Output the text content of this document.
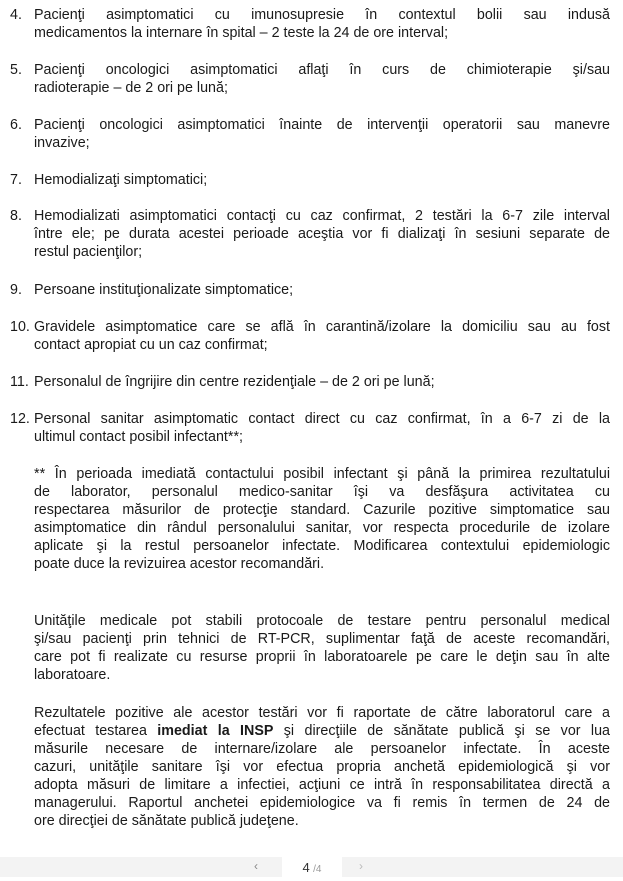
4. Pacienţi asimptomatici cu imunosupresie în contextul bolii sau indusă
medicamentos la internare în spital – 2 teste la 24 de ore interval;
5. Pacienţi oncologici asimptomatici aflaţi în curs de chimioterapie şi/sau
radioterapie – de 2 ori pe lună;
6. Pacienţi oncologici asimptomatici înainte de intervenţii operatorii sau manevre
invazive;
7. Hemodializaţi simptomatici;
8. Hemodializati asimptomatici contacţi cu caz confirmat, 2 testări la 6-7 zile interval
între ele; pe durata acestei perioade aceştia vor fi dializaţi în sesiuni separate de
restul pacienţilor;
9. Persoane instituţionalizate simptomatice;
10. Gravidele asimptomatice care se află în carantină/izolare la domiciliu sau au fost
contact apropiat cu un caz confirmat;
11. Personalul de îngrijire din centre rezidenţiale – de 2 ori pe lună;
12. Personal sanitar asimptomatic contact direct cu caz confirmat, în a 6-7 zi de la
ultimul contact posibil infectant**;
** În perioada imediată contactului posibil infectant şi până la primirea rezultatului
de laborator, personalul medico-sanitar îşi va desfăşura activitatea cu
respectarea măsurilor de protecţie standard. Cazurile pozitive simptomatice sau
asimptomatice din rândul personalului sanitar, vor respecta procedurile de izolare
aplicate şi la restul persoanelor infectate. Modificarea contextului epidemiologic
poate duce la revizuirea acestor recomandări.
Unităţile medicale pot stabili protocoale de testare pentru personalul medical
şi/sau pacienţi prin tehnici de RT-PCR, suplimentar faţă de aceste recomandări,
care pot fi realizate cu resurse proprii în laboratoarele pe care le deţin sau în alte
laboratoare.
Rezultatele pozitive ale acestor testări vor fi raportate de către laboratorul care a
efectuat testarea imediat la INSP şi direcţiile de sănătate publică şi se vor lua
măsurile necesare de internare/izolare ale persoanelor infectate. În aceste
cazuri, unităţile sanitare îşi vor efectua propria anchetă epidemiologică şi vor
adopta măsuri de limitare a infectiei, acţiuni ce intră în responsabilitatea directă a
managerului. Raportul anchetei epidemiologice va fi remis în termen de 24 de
ore direcţiei de sănătate publică judeţene.
‹	4 /4	›
